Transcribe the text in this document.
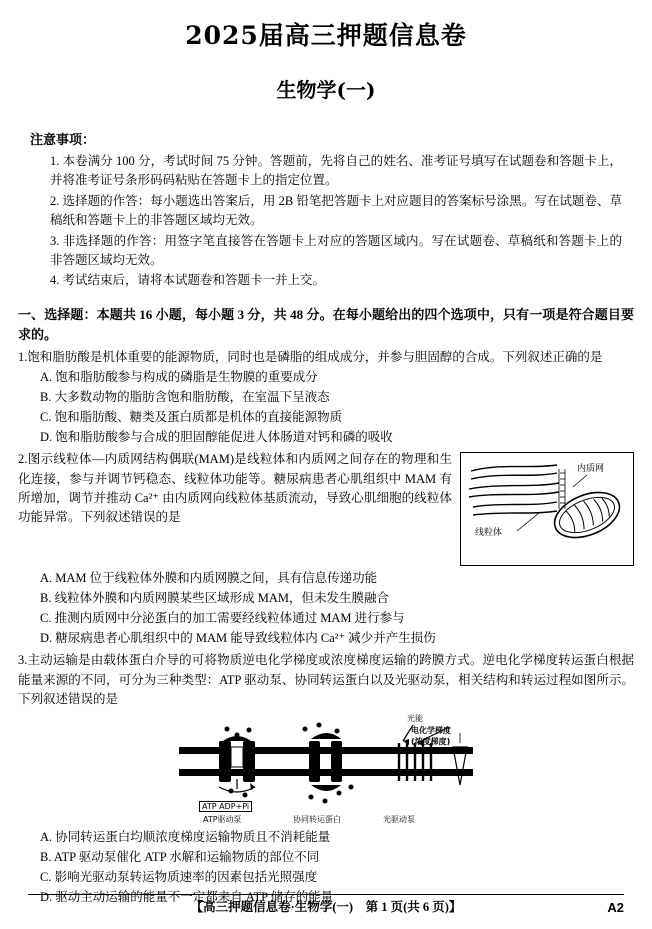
2025届高三押题信息卷
生物学(一)
注意事项：
1. 本卷满分 100 分，考试时间 75 分钟。答题前，先将自己的姓名、准考证号填写在试题卷和答题卡上，并将准考证号条形码码粘贴在答题卡上的指定位置。
2. 选择题的作答：每小题选出答案后，用 2B 铅笔把答题卡上对应题目的答案标号涂黑。写在试题卷、草稿纸和答题卡上的非答题区域均无效。
3. 非选择题的作答：用签字笔直接答在答题卡上对应的答题区域内。写在试题卷、草稿纸和答题卡上的非答题区域均无效。
4. 考试结束后，请将本试题卷和答题卡一并上交。
一、选择题：本题共 16 小题，每小题 3 分，共 48 分。在每小题给出的四个选项中，只有一项是符合题目要求的。
1.饱和脂肪酸是机体重要的能源物质，同时也是磷脂的组成成分，并参与胆固醇的合成。下列叙述正确的是
A. 饱和脂肪酸参与构成的磷脂是生物膜的重要成分
B. 大多数动物的脂肪含饱和脂肪酸，在室温下呈液态
C. 饱和脂肪酸、糖类及蛋白质都是机体的直接能源物质
D. 饱和脂肪酸参与合成的胆固醇能促进人体肠道对钙和磷的吸收
内质网
线粒体
2.图示线粒体—内质网结构偶联(MAM)是线粒体和内质网之间存在的物理和生化连接，参与并调节钙稳态、线粒体功能等。糖尿病患者心肌组织中 MAM 有所增加，调节并推动 Ca²⁺ 由内质网向线粒体基质流动，导致心肌细胞的线粒体功能异常。下列叙述错误的是
A. MAM 位于线粒体外膜和内质网膜之间，具有信息传递功能
B. 线粒体外膜和内质网膜某些区域形成 MAM，但未发生膜融合
C. 推测内质网中分泌蛋白的加工需要经线粒体通过 MAM 进行参与
D. 糖尿病患者心肌组织中的 MAM 能导致线粒体内 Ca²⁺ 减少并产生损伤
3.主动运输是由载体蛋白介导的可将物质逆电化学梯度或浓度梯度运输的跨膜方式。逆电化学梯度转运蛋白根据能量来源的不同，可分为三种类型：ATP 驱动泵、协同转运蛋白以及光驱动泵，相关结构和转运过程如图所示。下列叙述错误的是
光能
电化学梯度
(浓度梯度)
ATP ADP+Pi
ATP驱动泵	协同转运蛋白	光驱动泵
A. 协同转运蛋白均顺浓度梯度运输物质且不消耗能量
B. ATP 驱动泵催化 ATP 水解和运输物质的部位不同
C. 影响光驱动泵转运物质速率的因素包括光照强度
D. 驱动主动运输的能量不一定都来自 ATP 储存的能量
【高三押题信息卷·生物学(一)　第 1 页(共 6 页)】	A2
